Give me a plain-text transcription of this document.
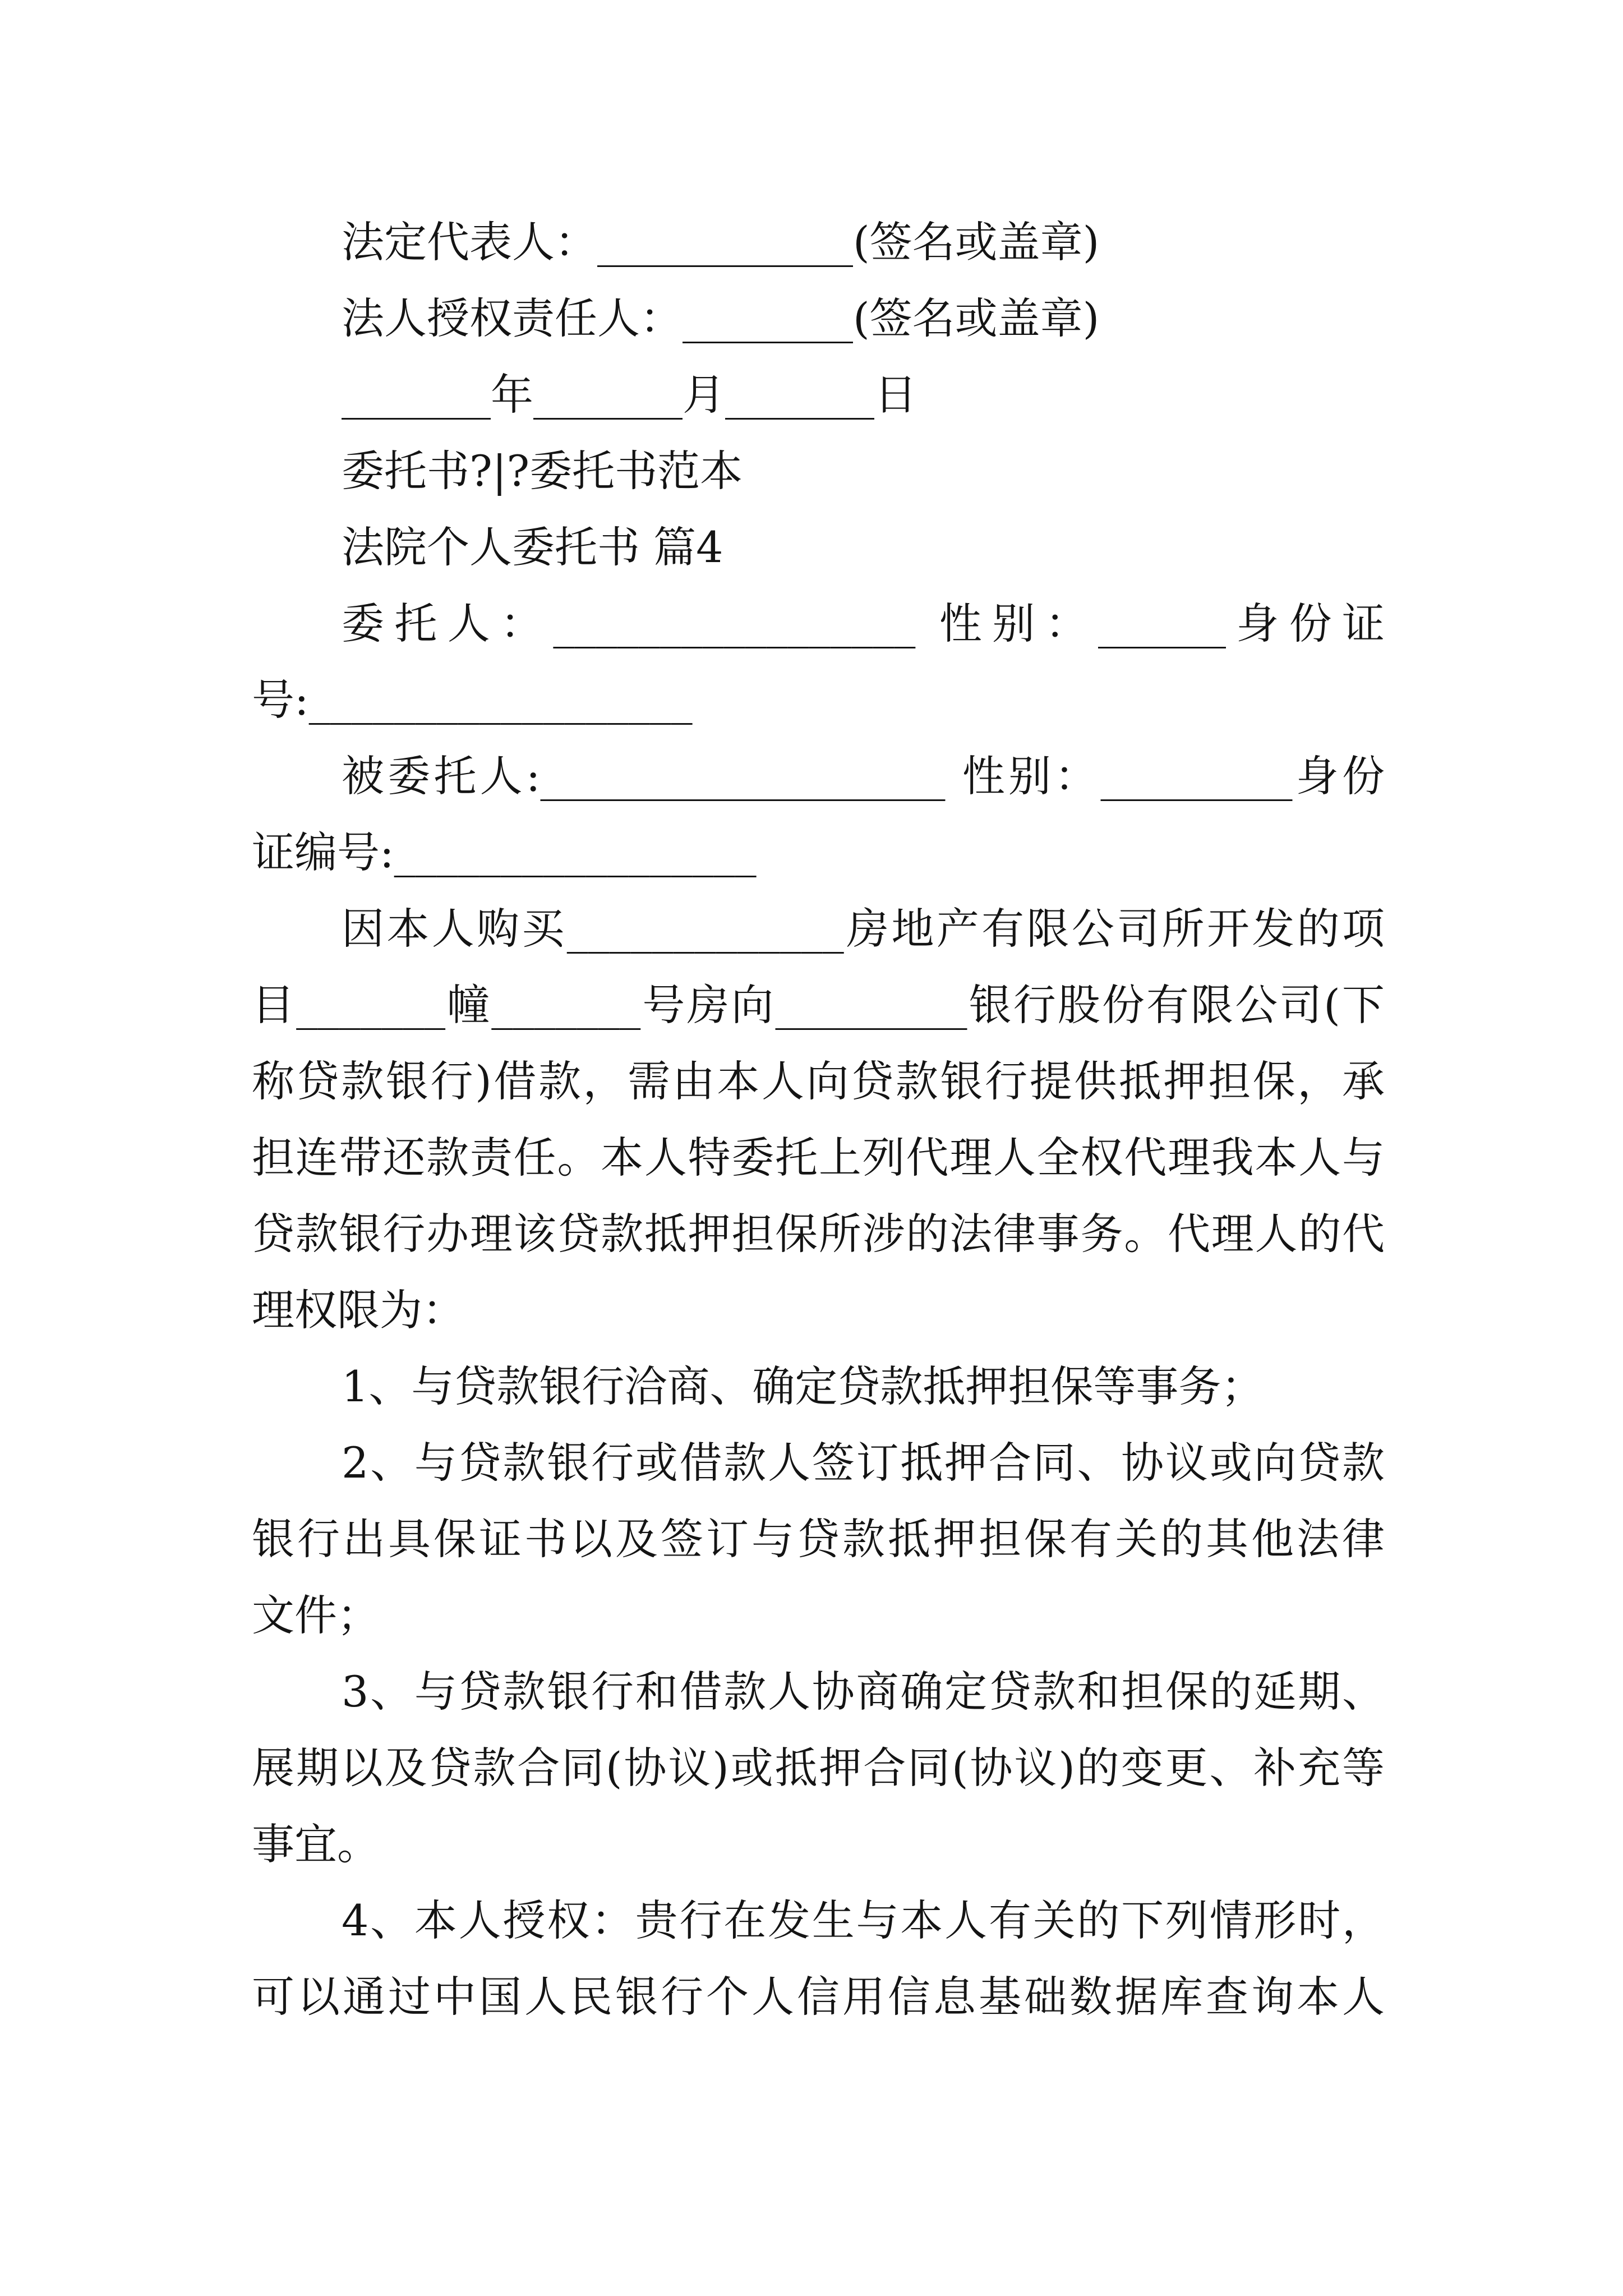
法定代表人：____________(签名或盖章)
法人授权责任人：________(签名或盖章)
_______年_______月_______日
委托书?|?委托书范本
法院个人委托书 篇4
委托人：_________________ 性别：______身份证
号:__________________
被委托人:___________________ 性别：_________身份
证编号:_________________
因本人购买_____________房地产有限公司所开发的项
目_______幢_______号房向_________银行股份有限公司(下
称贷款银行)借款，需由本人向贷款银行提供抵押担保，承
担连带还款责任。本人特委托上列代理人全权代理我本人与
贷款银行办理该贷款抵押担保所涉的法律事务。代理人的代
理权限为：
1、与贷款银行洽商、确定贷款抵押担保等事务；
2、与贷款银行或借款人签订抵押合同、协议或向贷款
银行出具保证书以及签订与贷款抵押担保有关的其他法律
文件；
3、与贷款银行和借款人协商确定贷款和担保的延期、
展期以及贷款合同(协议)或抵押合同(协议)的变更、补充等
事宜。
4、本人授权：贵行在发生与本人有关的下列情形时，
可以通过中国人民银行个人信用信息基础数据库查询本人
